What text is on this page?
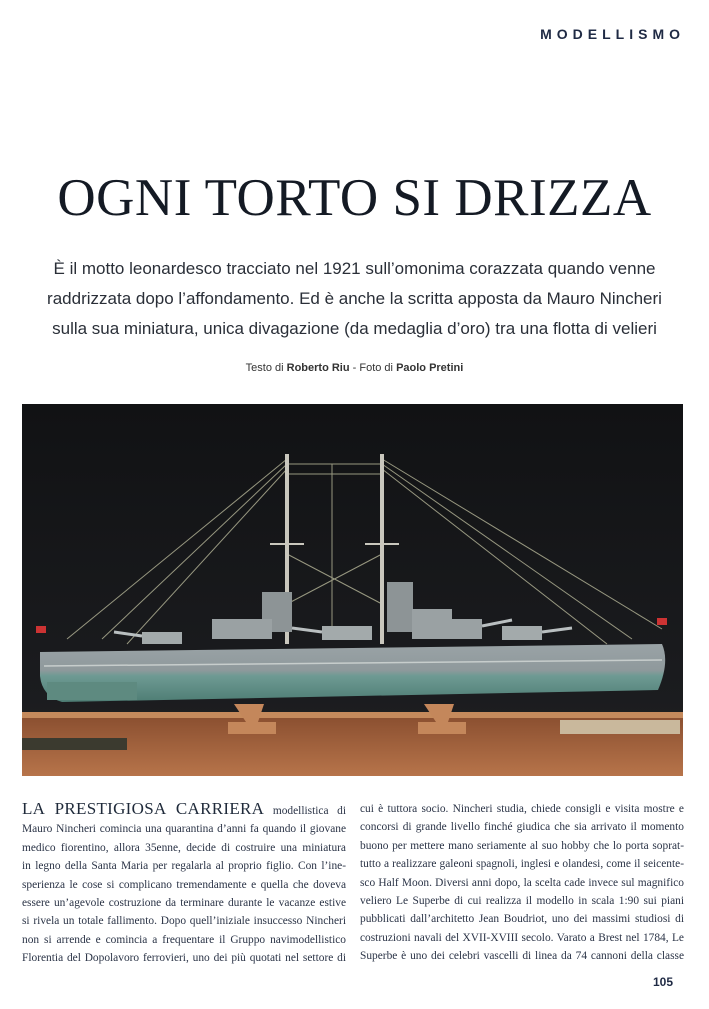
MODELLISMO
OGNI TORTO SI DRIZZA
È il motto leonardesco tracciato nel 1921 sull’omonima corazzata quando venne
raddrizzata dopo l’affondamento. Ed è anche la scritta apposta da Mauro Nincheri
sulla sua miniatura, unica divagazione (da medaglia d’oro) tra una flotta di velieri
Testo di Roberto Riu - Foto di Paolo Pretini
LA PRESTIGIOSA CARRIERA modellistica di
Mauro Nincheri comincia una quarantina d’anni fa quando il giovane
medico fiorentino, allora 35enne, decide di costruire una miniatura
in legno della Santa Maria per regalarla al proprio figlio. Con l’ine-
sperienza le cose si complicano tremendamente e quella che doveva
essere un’agevole costruzione da terminare durante le vacanze estive
si rivela un totale fallimento. Dopo quell’iniziale insuccesso Nincheri
non si arrende e comincia a frequentare il Gruppo navimodellistico
Florentia del Dopolavoro ferrovieri, uno dei più quotati nel settore di
cui è tuttora socio. Nincheri studia, chiede consigli e visita mostre e
concorsi di grande livello finché giudica che sia arrivato il momento
buono per mettere mano seriamente al suo hobby che lo porta soprat-
tutto a realizzare galeoni spagnoli, inglesi e olandesi, come il seicente-
sco Half Moon. Diversi anni dopo, la scelta cade invece sul magnifico
veliero Le Superbe di cui realizza il modello in scala 1:90 sui piani
pubblicati dall’architetto Jean Boudriot, uno dei massimi studiosi di
costruzioni navali del XVII-XVIII secolo. Varato a Brest nel 1784, Le
Superbe è uno dei celebri vascelli di linea da 74 cannoni della classe
105
